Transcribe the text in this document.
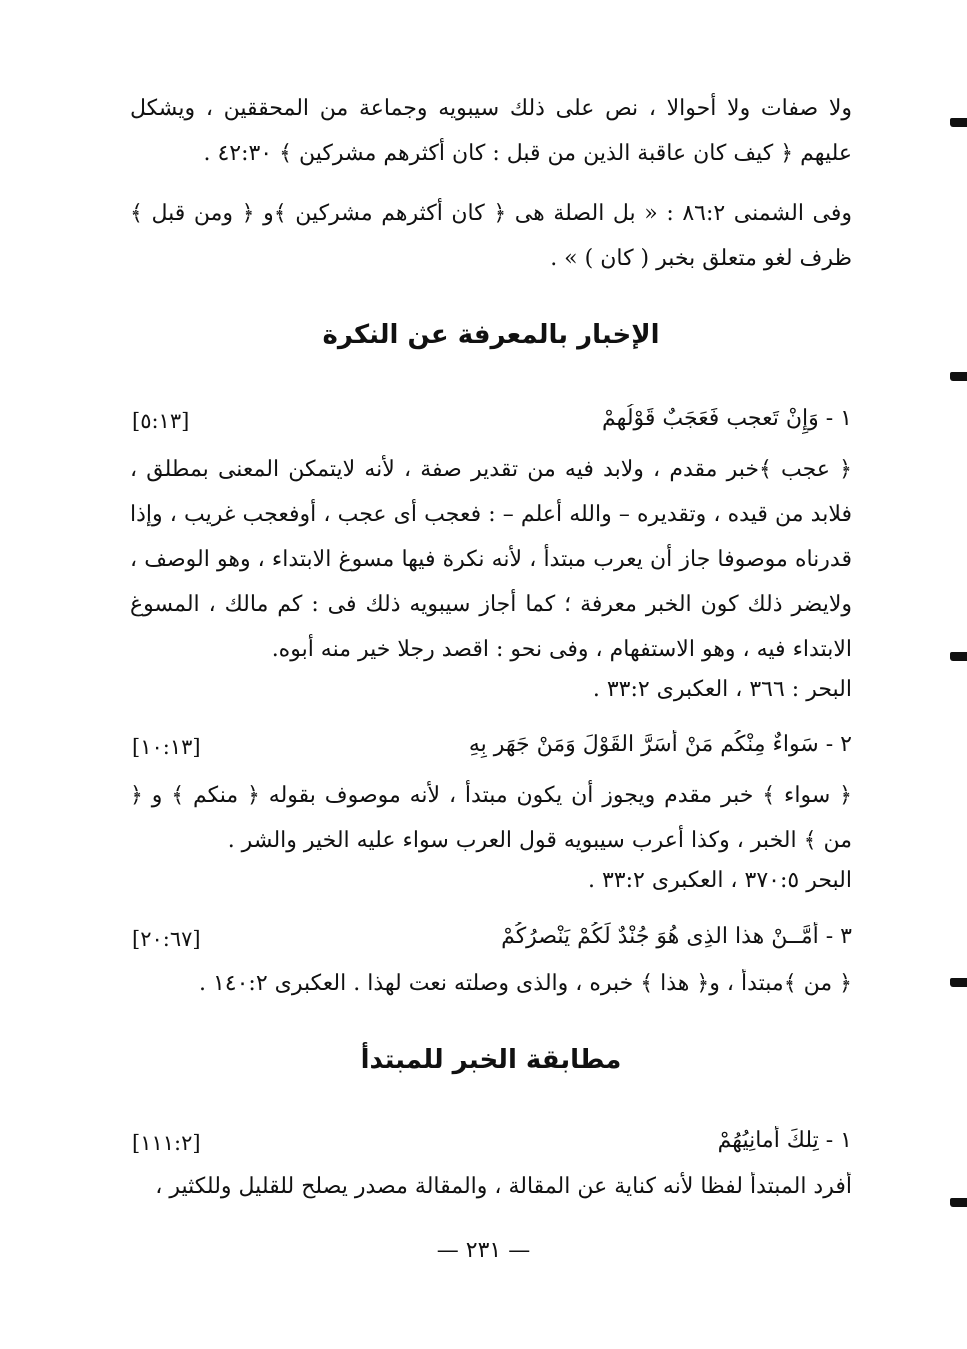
ولا صفات ولا أحوالا ، نص على ذلك سيبويه وجماعة من المحققين ، ويشكل عليهم ﴿ كيف كان عاقبة الذين من قبل : كان أكثرهم مشركين ﴾ ٤٢:٣٠ .
وفى الشمنى ٨٦:٢ : « بل الصلة هى ﴿ كان أكثرهم مشركين ﴾و ﴿ ومن قبل ﴾ظرف لغو متعلق بخبر ( كان ) » .
الإخبار بالمعرفة عن النكرة
١ - وَإِنْ تَعجب فَعَجَبٌ قَوْلُهمْ
[٥:١٣]
﴿ عجب ﴾خبر مقدم ، ولابد فيه من تقدير صفة ، لأنه لايتمكن المعنى بمطلق ، فلابد من قيده ، وتقديره – والله أعلم – : فعجب أى عجب ، أوفعجب غريب ، وإذا قدرناه موصوفا جاز أن يعرب مبتدأ ، لأنه نكرة فيها مسوغ الابتداء ، وهو الوصف ، ولايضر ذلك كون الخبر معرفة ؛ كما أجاز سيبويه ذلك فى : كم مالك ، المسوغ الابتداء فيه ، وهو الاستفهام ، وفى نحو : اقصد رجلا خير منه أبوه.
البحر : ٣٦٦ ، العكبرى ٣٣:٢ .
٢ - سَواءٌ مِنْكُم مَنْ أَسَرَّ القَوْلَ وَمَنْ جَهَر بِهِ
[١٠:١٣]
﴿ سواء ﴾ خبر مقدم ويجوز أن يكون مبتدأ ، لأنه موصوف بقوله ﴿ منكم ﴾ و ﴿ من ﴾ الخبر ، وكذا أعرب سيبويه قول العرب سواء عليه الخير والشر .
البحر ٣٧٠:٥ ، العكبرى ٣٣:٢ .
٣ - أَمَّــنْ هذا الذِى هُوَ جُنْدٌ لَكُمْ يَنْصرُكُمْ
[٢٠:٦٧]
﴿ من ﴾مبتدأ ، و﴿ هذا ﴾ خبره ، والذى وصلته نعت لهذا . العكبرى ١٤٠:٢ .
مطابقة الخبر للمبتدأ
١ - تِلكَ أَمانِيُهُمْ
[١١١:٢]
أفرد المبتدأ لفظا لأنه كناية عن المقالة ، والمقالة مصدر يصلح للقليل وللكثير ،
— ٢٣١ —
